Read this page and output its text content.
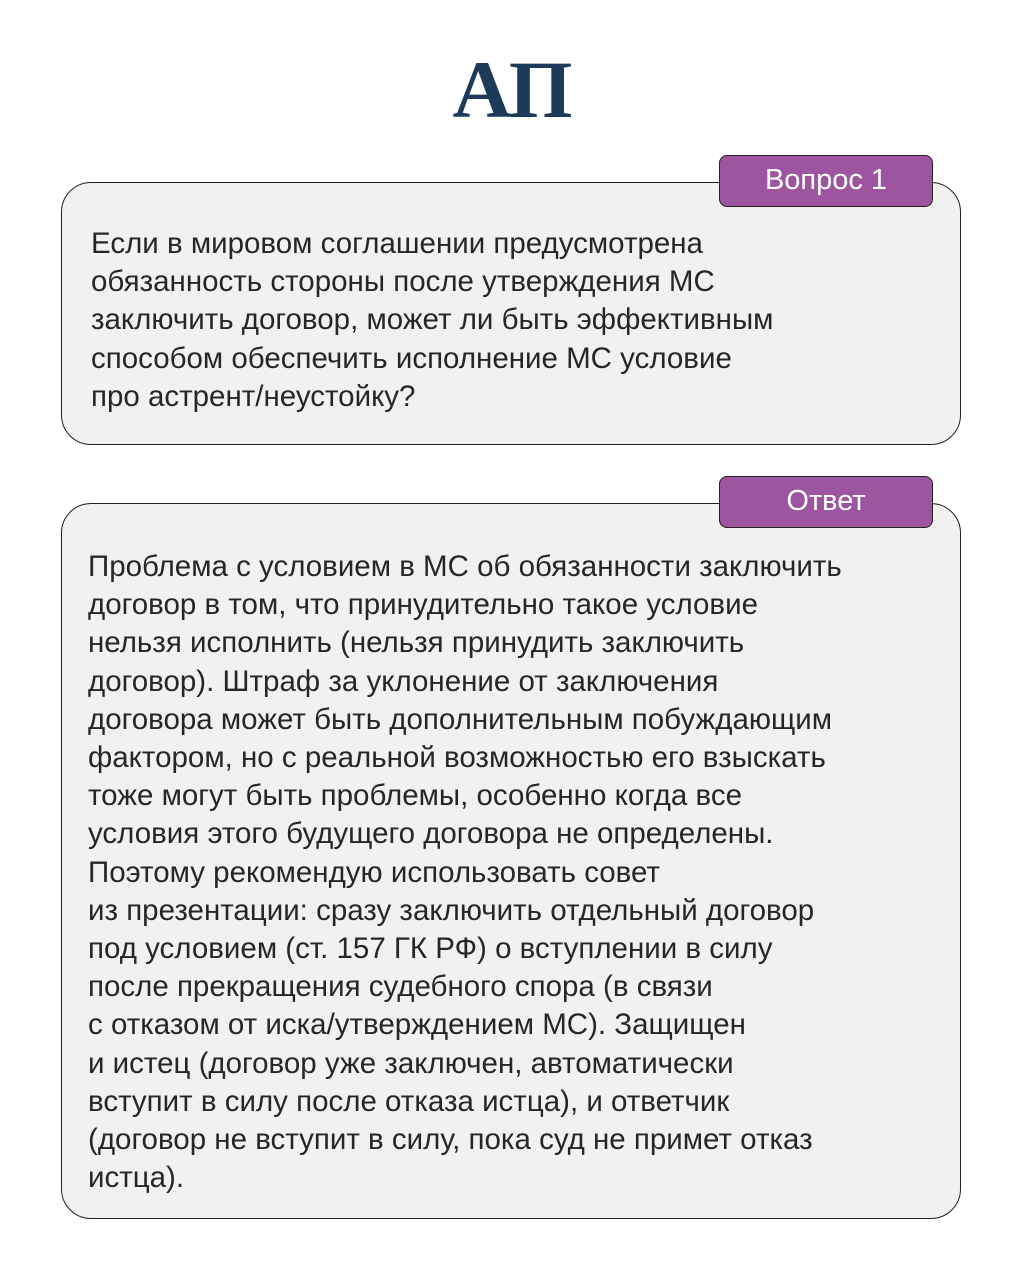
АП
Вопрос 1
Если в мировом соглашении предусмотрена
обязанность стороны после утверждения МС
заключить договор, может ли быть эффективным
способом обеспечить исполнение МС условие
про астрент/неустойку?
Ответ
Проблема с условием в МС об обязанности заключить
договор в том, что принудительно такое условие
нельзя исполнить (нельзя принудить заключить
договор). Штраф за уклонение от заключения
договора может быть дополнительным побуждающим
фактором, но с реальной возможностью его взыскать
тоже могут быть проблемы, особенно когда все
условия этого будущего договора не определены.
Поэтому рекомендую использовать совет
из презентации: сразу заключить отдельный договор
под условием (ст. 157 ГК РФ) о вступлении в силу
после прекращения судебного спора (в связи
с отказом от иска/утверждением МС). Защищен
и истец (договор уже заключен, автоматически
вступит в силу после отказа истца), и ответчик
(договор не вступит в силу, пока суд не примет отказ
истца).
